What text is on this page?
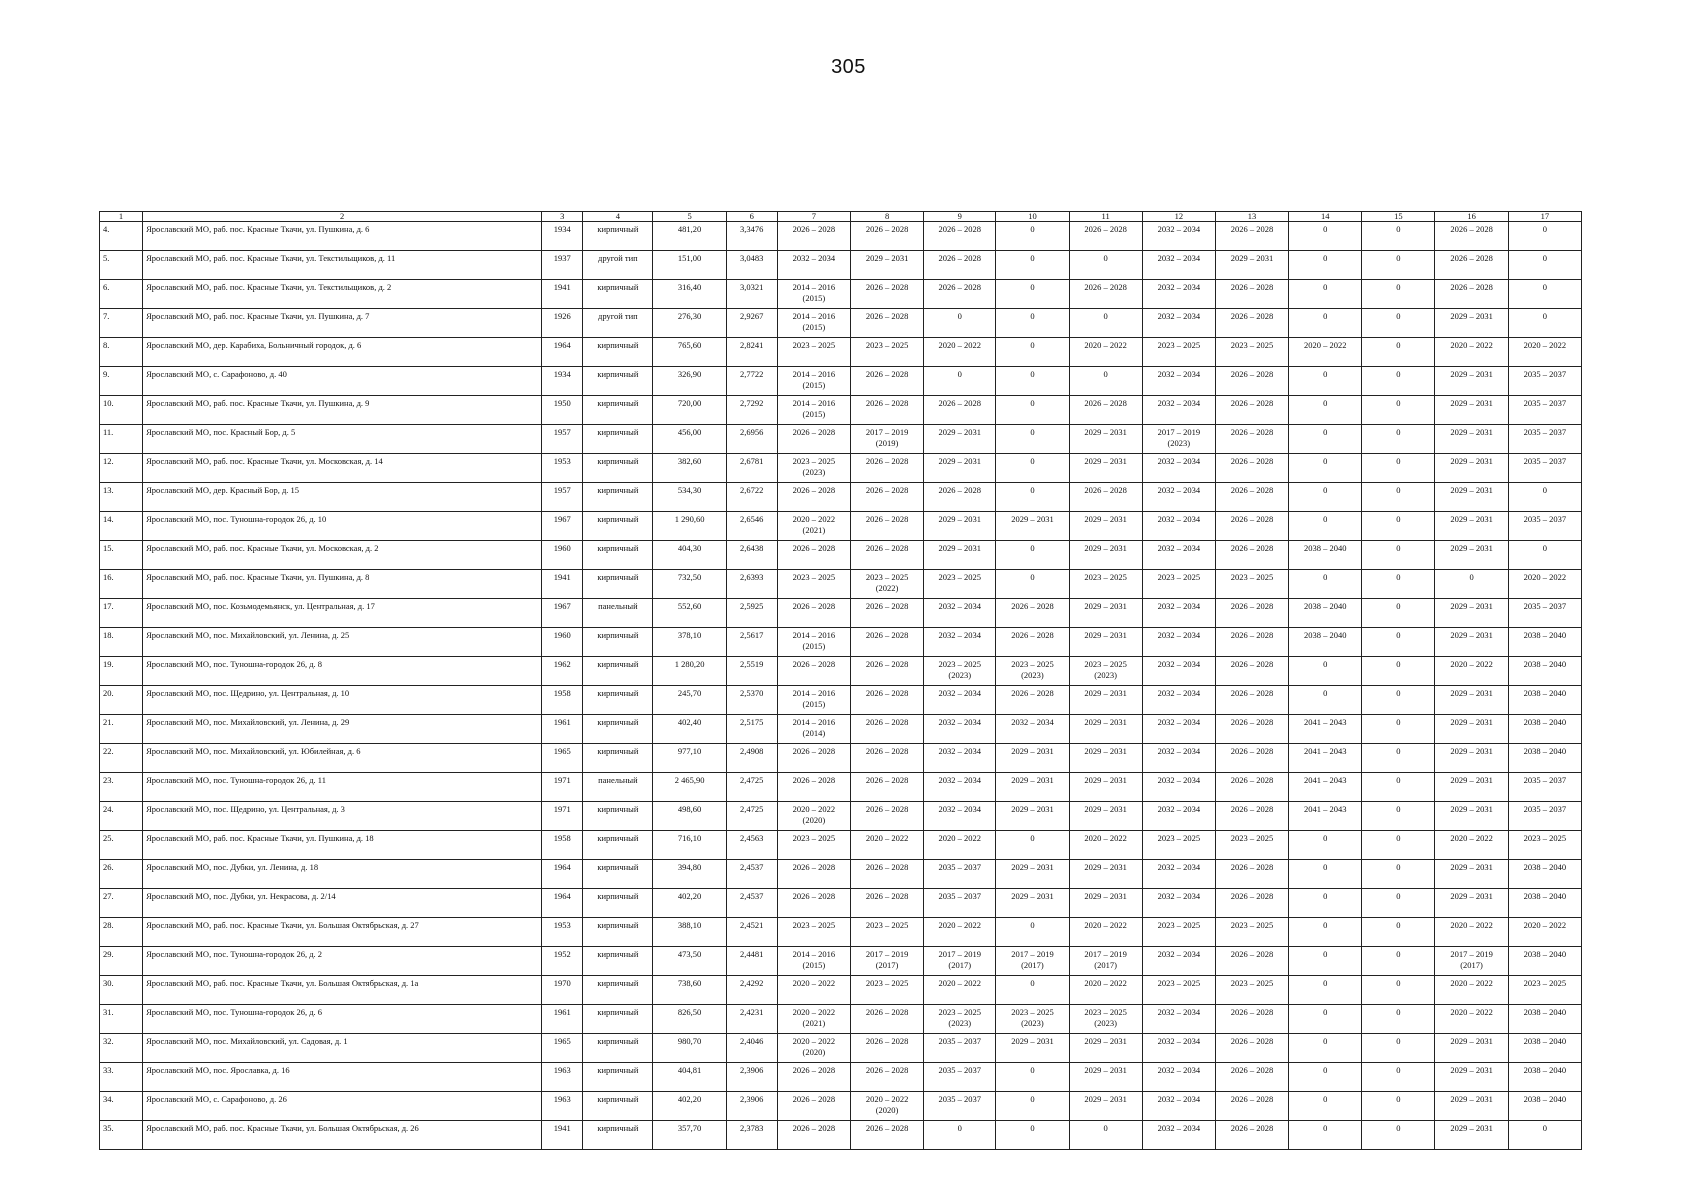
305
1	2	3	4	5	6	7	8	9	10	11	12	13	14	15	16	17
4.	Ярославский МО, раб. пос. Красные Ткачи, ул. Пушкина, д. 6	1934	кирпичный	481,20	3,3476	2026 – 2028	2026 – 2028	2026 – 2028	0	2026 – 2028	2032 – 2034	2026 – 2028	0	0	2026 – 2028	0
5.	Ярославский МО, раб. пос. Красные Ткачи, ул. Текстильщиков, д. 11	1937	другой тип	151,00	3,0483	2032 – 2034	2029 – 2031	2026 – 2028	0	0	2032 – 2034	2029 – 2031	0	0	2026 – 2028	0
6.	Ярославский МО, раб. пос. Красные Ткачи, ул. Текстильщиков, д. 2	1941	кирпичный	316,40	3,0321	2014 – 2016 (2015)	2026 – 2028	2026 – 2028	0	2026 – 2028	2032 – 2034	2026 – 2028	0	0	2026 – 2028	0
7.	Ярославский МО, раб. пос. Красные Ткачи, ул. Пушкина, д. 7	1926	другой тип	276,30	2,9267	2014 – 2016 (2015)	2026 – 2028	0	0	0	2032 – 2034	2026 – 2028	0	0	2029 – 2031	0
8.	Ярославский МО, дер. Карабиха, Больничный городок, д. 6	1964	кирпичный	765,60	2,8241	2023 – 2025	2023 – 2025	2020 – 2022	0	2020 – 2022	2023 – 2025	2023 – 2025	2020 – 2022	0	2020 – 2022	2020 – 2022
9.	Ярославский МО, с. Сарафоново, д. 40	1934	кирпичный	326,90	2,7722	2014 – 2016 (2015)	2026 – 2028	0	0	0	2032 – 2034	2026 – 2028	0	0	2029 – 2031	2035 – 2037
10.	Ярославский МО, раб. пос. Красные Ткачи, ул. Пушкина, д. 9	1950	кирпичный	720,00	2,7292	2014 – 2016 (2015)	2026 – 2028	2026 – 2028	0	2026 – 2028	2032 – 2034	2026 – 2028	0	0	2029 – 2031	2035 – 2037
11.	Ярославский МО, пос. Красный Бор, д. 5	1957	кирпичный	456,00	2,6956	2026 – 2028	2017 – 2019 (2019)	2029 – 2031	0	2029 – 2031	2017 – 2019 (2023)	2026 – 2028	0	0	2029 – 2031	2035 – 2037
12.	Ярославский МО, раб. пос. Красные Ткачи, ул. Московская, д. 14	1953	кирпичный	382,60	2,6781	2023 – 2025 (2023)	2026 – 2028	2029 – 2031	0	2029 – 2031	2032 – 2034	2026 – 2028	0	0	2029 – 2031	2035 – 2037
13.	Ярославский МО, дер. Красный Бор, д. 15	1957	кирпичный	534,30	2,6722	2026 – 2028	2026 – 2028	2026 – 2028	0	2026 – 2028	2032 – 2034	2026 – 2028	0	0	2029 – 2031	0
14.	Ярославский МО, пос. Туношна-городок 26, д. 10	1967	кирпичный	1 290,60	2,6546	2020 – 2022 (2021)	2026 – 2028	2029 – 2031	2029 – 2031	2029 – 2031	2032 – 2034	2026 – 2028	0	0	2029 – 2031	2035 – 2037
15.	Ярославский МО, раб. пос. Красные Ткачи, ул. Московская, д. 2	1960	кирпичный	404,30	2,6438	2026 – 2028	2026 – 2028	2029 – 2031	0	2029 – 2031	2032 – 2034	2026 – 2028	2038 – 2040	0	2029 – 2031	0
16.	Ярославский МО, раб. пос. Красные Ткачи, ул. Пушкина, д. 8	1941	кирпичный	732,50	2,6393	2023 – 2025	2023 – 2025 (2022)	2023 – 2025	0	2023 – 2025	2023 – 2025	2023 – 2025	0	0	0	2020 – 2022
17.	Ярославский МО, пос. Козьмодемьянск, ул. Центральная, д. 17	1967	панельный	552,60	2,5925	2026 – 2028	2026 – 2028	2032 – 2034	2026 – 2028	2029 – 2031	2032 – 2034	2026 – 2028	2038 – 2040	0	2029 – 2031	2035 – 2037
18.	Ярославский МО, пос. Михайловский, ул. Ленина, д. 25	1960	кирпичный	378,10	2,5617	2014 – 2016 (2015)	2026 – 2028	2032 – 2034	2026 – 2028	2029 – 2031	2032 – 2034	2026 – 2028	2038 – 2040	0	2029 – 2031	2038 – 2040
19.	Ярославский МО, пос. Туношна-городок 26, д. 8	1962	кирпичный	1 280,20	2,5519	2026 – 2028	2026 – 2028	2023 – 2025 (2023)	2023 – 2025 (2023)	2023 – 2025 (2023)	2032 – 2034	2026 – 2028	0	0	2020 – 2022	2038 – 2040
20.	Ярославский МО, пос. Щедрино, ул. Центральная, д. 10	1958	кирпичный	245,70	2,5370	2014 – 2016 (2015)	2026 – 2028	2032 – 2034	2026 – 2028	2029 – 2031	2032 – 2034	2026 – 2028	0	0	2029 – 2031	2038 – 2040
21.	Ярославский МО, пос. Михайловский, ул. Ленина, д. 29	1961	кирпичный	402,40	2,5175	2014 – 2016 (2014)	2026 – 2028	2032 – 2034	2032 – 2034	2029 – 2031	2032 – 2034	2026 – 2028	2041 – 2043	0	2029 – 2031	2038 – 2040
22.	Ярославский МО, пос. Михайловский, ул. Юбилейная, д. 6	1965	кирпичный	977,10	2,4908	2026 – 2028	2026 – 2028	2032 – 2034	2029 – 2031	2029 – 2031	2032 – 2034	2026 – 2028	2041 – 2043	0	2029 – 2031	2038 – 2040
23.	Ярославский МО, пос. Туношна-городок 26, д. 11	1971	панельный	2 465,90	2,4725	2026 – 2028	2026 – 2028	2032 – 2034	2029 – 2031	2029 – 2031	2032 – 2034	2026 – 2028	2041 – 2043	0	2029 – 2031	2035 – 2037
24.	Ярославский МО, пос. Щедрино, ул. Центральная, д. 3	1971	кирпичный	498,60	2,4725	2020 – 2022 (2020)	2026 – 2028	2032 – 2034	2029 – 2031	2029 – 2031	2032 – 2034	2026 – 2028	2041 – 2043	0	2029 – 2031	2035 – 2037
25.	Ярославский МО, раб. пос. Красные Ткачи, ул. Пушкина, д. 18	1958	кирпичный	716,10	2,4563	2023 – 2025	2020 – 2022	2020 – 2022	0	2020 – 2022	2023 – 2025	2023 – 2025	0	0	2020 – 2022	2023 – 2025
26.	Ярославский МО, пос. Дубки, ул. Ленина, д. 18	1964	кирпичный	394,80	2,4537	2026 – 2028	2026 – 2028	2035 – 2037	2029 – 2031	2029 – 2031	2032 – 2034	2026 – 2028	0	0	2029 – 2031	2038 – 2040
27.	Ярославский МО, пос. Дубки, ул. Некрасова, д. 2/14	1964	кирпичный	402,20	2,4537	2026 – 2028	2026 – 2028	2035 – 2037	2029 – 2031	2029 – 2031	2032 – 2034	2026 – 2028	0	0	2029 – 2031	2038 – 2040
28.	Ярославский МО, раб. пос. Красные Ткачи, ул. Большая Октябрьская, д. 27	1953	кирпичный	388,10	2,4521	2023 – 2025	2023 – 2025	2020 – 2022	0	2020 – 2022	2023 – 2025	2023 – 2025	0	0	2020 – 2022	2020 – 2022
29.	Ярославский МО, пос. Туношна-городок 26, д. 2	1952	кирпичный	473,50	2,4481	2014 – 2016 (2015)	2017 – 2019 (2017)	2017 – 2019 (2017)	2017 – 2019 (2017)	2017 – 2019 (2017)	2032 – 2034	2026 – 2028	0	0	2017 – 2019 (2017)	2038 – 2040
30.	Ярославский МО, раб. пос. Красные Ткачи, ул. Большая Октябрьская, д. 1а	1970	кирпичный	738,60	2,4292	2020 – 2022	2023 – 2025	2020 – 2022	0	2020 – 2022	2023 – 2025	2023 – 2025	0	0	2020 – 2022	2023 – 2025
31.	Ярославский МО, пос. Туношна-городок 26, д. 6	1961	кирпичный	826,50	2,4231	2020 – 2022 (2021)	2026 – 2028	2023 – 2025 (2023)	2023 – 2025 (2023)	2023 – 2025 (2023)	2032 – 2034	2026 – 2028	0	0	2020 – 2022	2038 – 2040
32.	Ярославский МО, пос. Михайловский, ул. Садовая, д. 1	1965	кирпичный	980,70	2,4046	2020 – 2022 (2020)	2026 – 2028	2035 – 2037	2029 – 2031	2029 – 2031	2032 – 2034	2026 – 2028	0	0	2029 – 2031	2038 – 2040
33.	Ярославский МО, пос. Ярославка, д. 16	1963	кирпичный	404,81	2,3906	2026 – 2028	2026 – 2028	2035 – 2037	0	2029 – 2031	2032 – 2034	2026 – 2028	0	0	2029 – 2031	2038 – 2040
34.	Ярославский МО, с. Сарафоново, д. 26	1963	кирпичный	402,20	2,3906	2026 – 2028	2020 – 2022 (2020)	2035 – 2037	0	2029 – 2031	2032 – 2034	2026 – 2028	0	0	2029 – 2031	2038 – 2040
35.	Ярославский МО, раб. пос. Красные Ткачи, ул. Большая Октябрьская, д. 26	1941	кирпичный	357,70	2,3783	2026 – 2028	2026 – 2028	0	0	0	2032 – 2034	2026 – 2028	0	0	2029 – 2031	0
